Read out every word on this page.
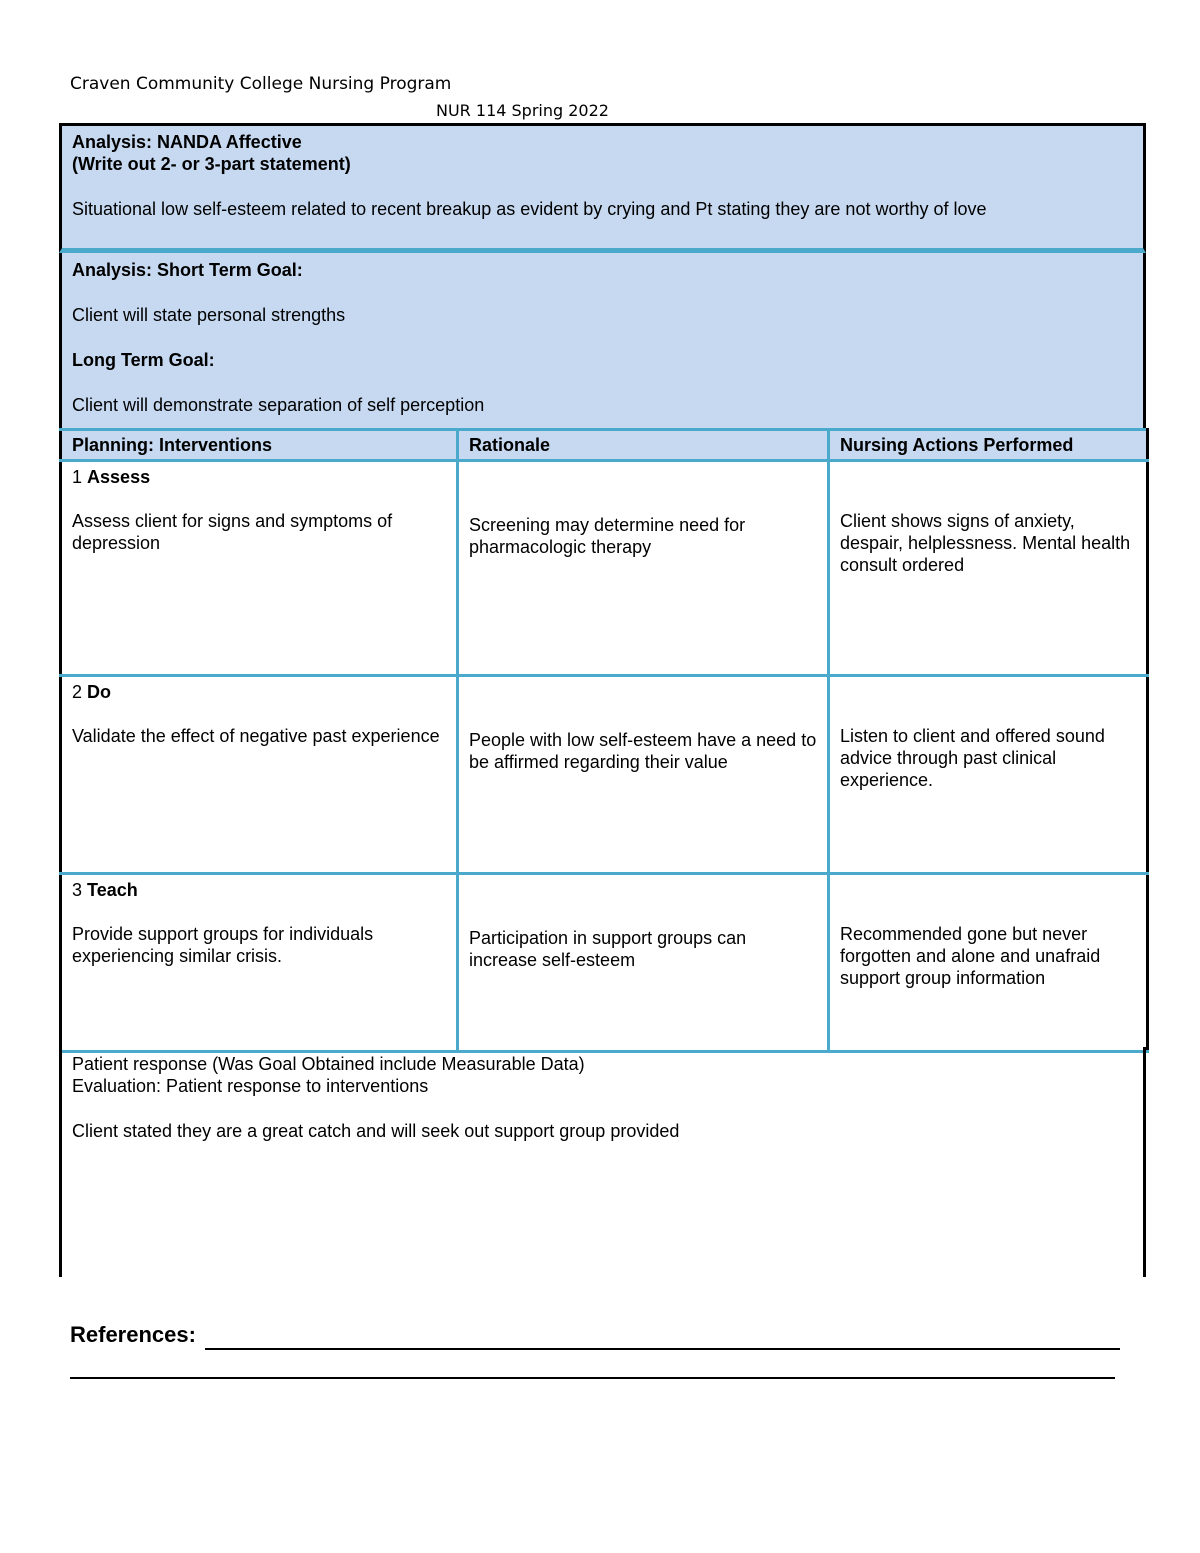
Craven Community College Nursing Program
NUR 114 Spring 2022

Analysis: NANDA Affective

(Write out 2- or 3-part statement)

Situational low self-esteem related to recent breakup as evident by crying and Pt stating they are not worthy of love

Analysis: Short Term Goal:

Client will state personal strengths

Long Term Goal:

Client will demonstrate separation of self perception

Planning: Interventions	Rationale	Nursing Actions Performed

1 Assess

Assess client for signs and symptoms of depression	Screening may determine need for pharmacologic therapy	Client shows signs of anxiety, despair, helplessness. Mental health consult ordered

2 Do

Validate the effect of negative past experience	People with low self-esteem have a need to be affirmed regarding their value	Listen to client and offered sound advice through past clinical experience.

3 Teach

Provide support groups for individuals experiencing similar crisis.	Participation in support groups can increase self-esteem	Recommended gone but never forgotten and alone and unafraid support group information

Patient response (Was Goal Obtained include Measurable Data)

Evaluation: Patient response to interventions

Client stated they are a great catch and will seek out support group provided

References:
